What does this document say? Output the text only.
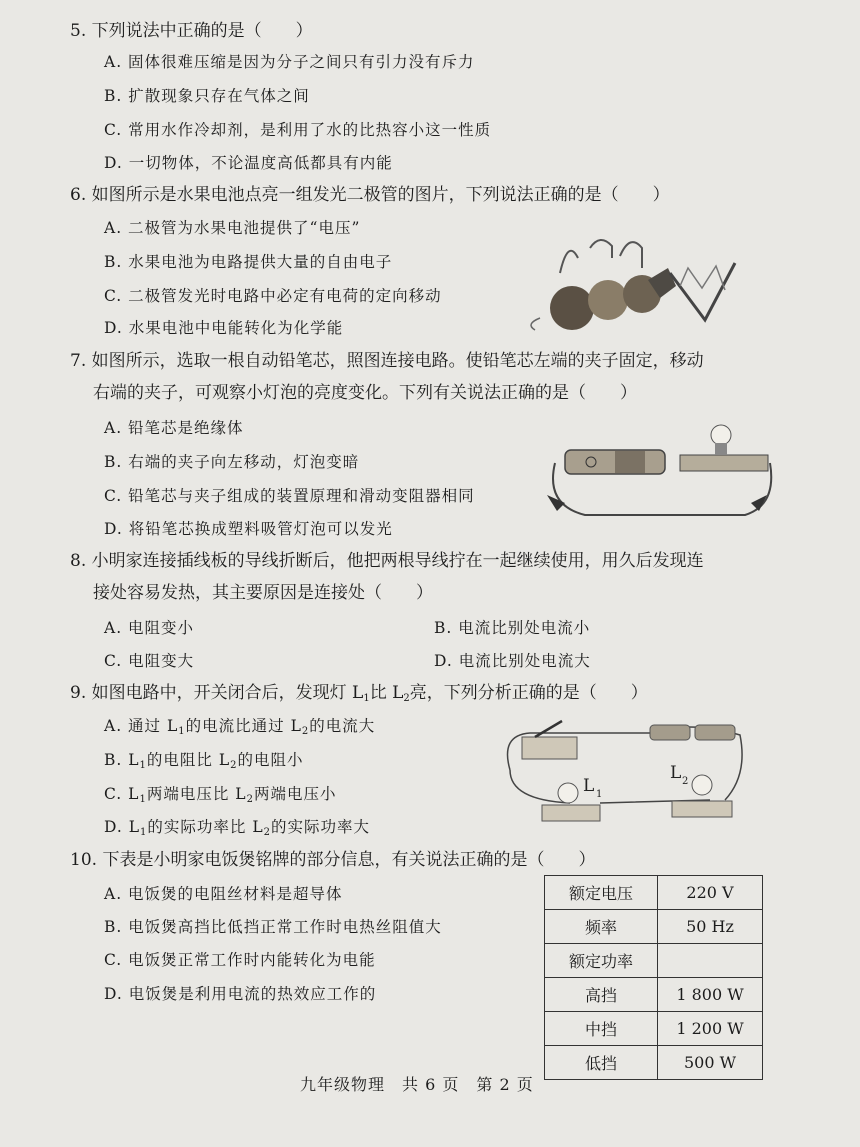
5. 下列说法中正确的是（　　）
A. 固体很难压缩是因为分子之间只有引力没有斥力
B. 扩散现象只存在气体之间
C. 常用水作冷却剂，是利用了水的比热容小这一性质
D. 一切物体，不论温度高低都具有内能
6. 如图所示是水果电池点亮一组发光二极管的图片，下列说法正确的是（　　）
A. 二极管为水果电池提供了“电压”
B. 水果电池为电路提供大量的自由电子
C. 二极管发光时电路中必定有电荷的定向移动
D. 水果电池中电能转化为化学能
7. 如图所示，选取一根自动铅笔芯，照图连接电路。使铅笔芯左端的夹子固定，移动
右端的夹子，可观察小灯泡的亮度变化。下列有关说法正确的是（　　）
A. 铅笔芯是绝缘体
B. 右端的夹子向左移动，灯泡变暗
C. 铅笔芯与夹子组成的装置原理和滑动变阻器相同
D. 将铅笔芯换成塑料吸管灯泡可以发光
8. 小明家连接插线板的导线折断后，他把两根导线拧在一起继续使用，用久后发现连
接处容易发热，其主要原因是连接处（　　）
A. 电阻变小	B. 电流比别处电流小
C. 电阻变大	D. 电流比别处电流大
9. 如图电路中，开关闭合后，发现灯 $L_1$比 $L_2$亮，下列分析正确的是（　　）
A. 通过 $L_1$的电流比通过 $L_2$的电流大
B. $L_1$的电阻比 $L_2$的电阻小
C. $L_1$两端电压比 $L_2$两端电压小
D. $L_1$的实际功率比 $L_2$的实际功率大
L 1
L 2
10. 下表是小明家电饭煲铭牌的部分信息，有关说法正确的是（　　）
A. 电饭煲的电阻丝材料是超导体
B. 电饭煲高挡比低挡正常工作时电热丝阻值大
C. 电饭煲正常工作时内能转化为电能
D. 电饭煲是利用电流的热效应工作的
额定电压	220 V
频率	50 Hz
额定功率	
高挡	1 800 W
中挡	1 200 W
低挡	500 W
九年级物理　共 6 页　第 2 页
